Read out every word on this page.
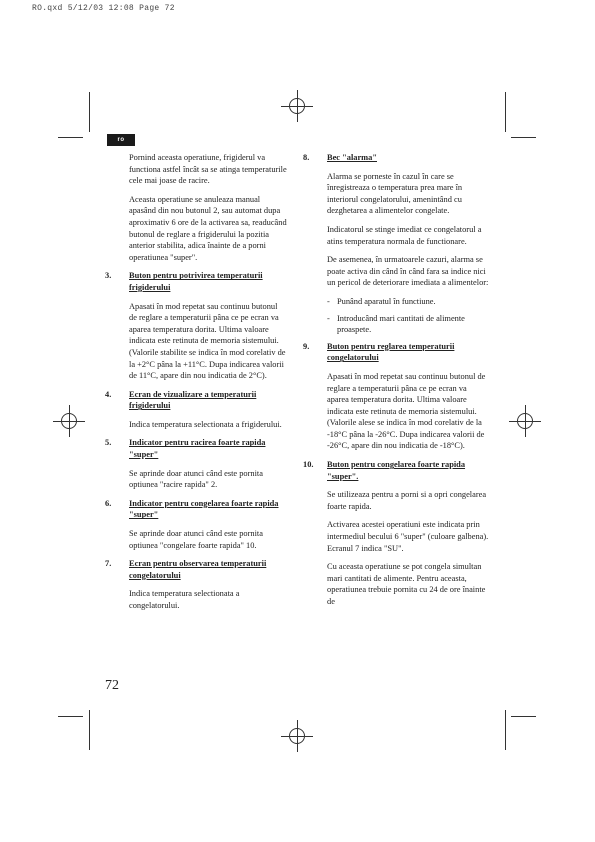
RO.qxd 5/12/03 12:08 Page 72
ro

Pornind aceasta operatiune, frigiderul va functiona astfel încât sa se atinga temperaturile cele mai joase de racire.

Aceasta operatiune se anuleaza manual apasând din nou butonul 2, sau automat dupa aproximativ 6 ore de la activarea sa, readucând butonul de reglare a frigiderului la pozitia anterior stabilita, adica înainte de a porni operatiunea "super".

3.	Buton pentru potrivirea temperaturii frigiderului

Apasati în mod repetat sau continuu butonul de reglare a temperaturii pâna ce pe ecran va aparea temperatura dorita. Ultima valoare indicata este retinuta de memoria sistemului. (Valorile stabilite se indica în mod corelativ de la +2°C pâna la +11°C. Dupa indicarea valorii de 11°C, apare din nou indicatia de 2°C).

4.	Ecran de vizualizare a temperaturii frigiderului

Indica temperatura selectionata a frigiderului.

5.	Indicator pentru racirea foarte rapida "super"

Se aprinde doar atunci când este pornita optiunea "racire rapida" 2.

6.	Indicator pentru congelarea foarte rapida "super"

Se aprinde doar atunci când este pornita optiunea "congelare foarte rapida" 10.

7.	Ecran pentru observarea temperaturii congelatorului

Indica temperatura selectionata a congelatorului.

8.	Bec "alarma"

Alarma se porneste în cazul în care se înregistreaza o temperatura prea mare în interiorul congelatorului, amenintând cu dezghetarea a alimentelor congelate.

Indicatorul se stinge imediat ce congelatorul a atins temperatura normala de functionare.

De asemenea, în urmatoarele cazuri, alarma se poate activa din când în când fara sa indice nici un pericol de deteriorare imediata a alimentelor:

- Punând aparatul în functiune.
- Introducând mari cantitati de alimente proaspete.
9.	Buton pentru reglarea temperaturii congelatorului

Apasati în mod repetat sau continuu butonul de reglare a temperaturii pâna ce pe ecran va aparea temperatura dorita. Ultima valoare indicata este retinuta de memoria sistemului. (Valorile alese se indica în mod corelativ de la -18°C pâna la -26°C. Dupa indicarea valorii de -26°C, apare din nou indicatia de -18°C).

10.	Buton pentru congelarea foarte rapida "super".

Se utilizeaza pentru a porni si a opri congelarea foarte rapida.

Activarea acestei operatiuni este indicata prin intermediul becului 6 "super" (culoare galbena). Ecranul 7 indica "SU".

Cu aceasta operatiune se pot congela simultan mari cantitati de alimente. Pentru aceasta, operatiunea trebuie pornita cu 24 de ore înainte de

72
